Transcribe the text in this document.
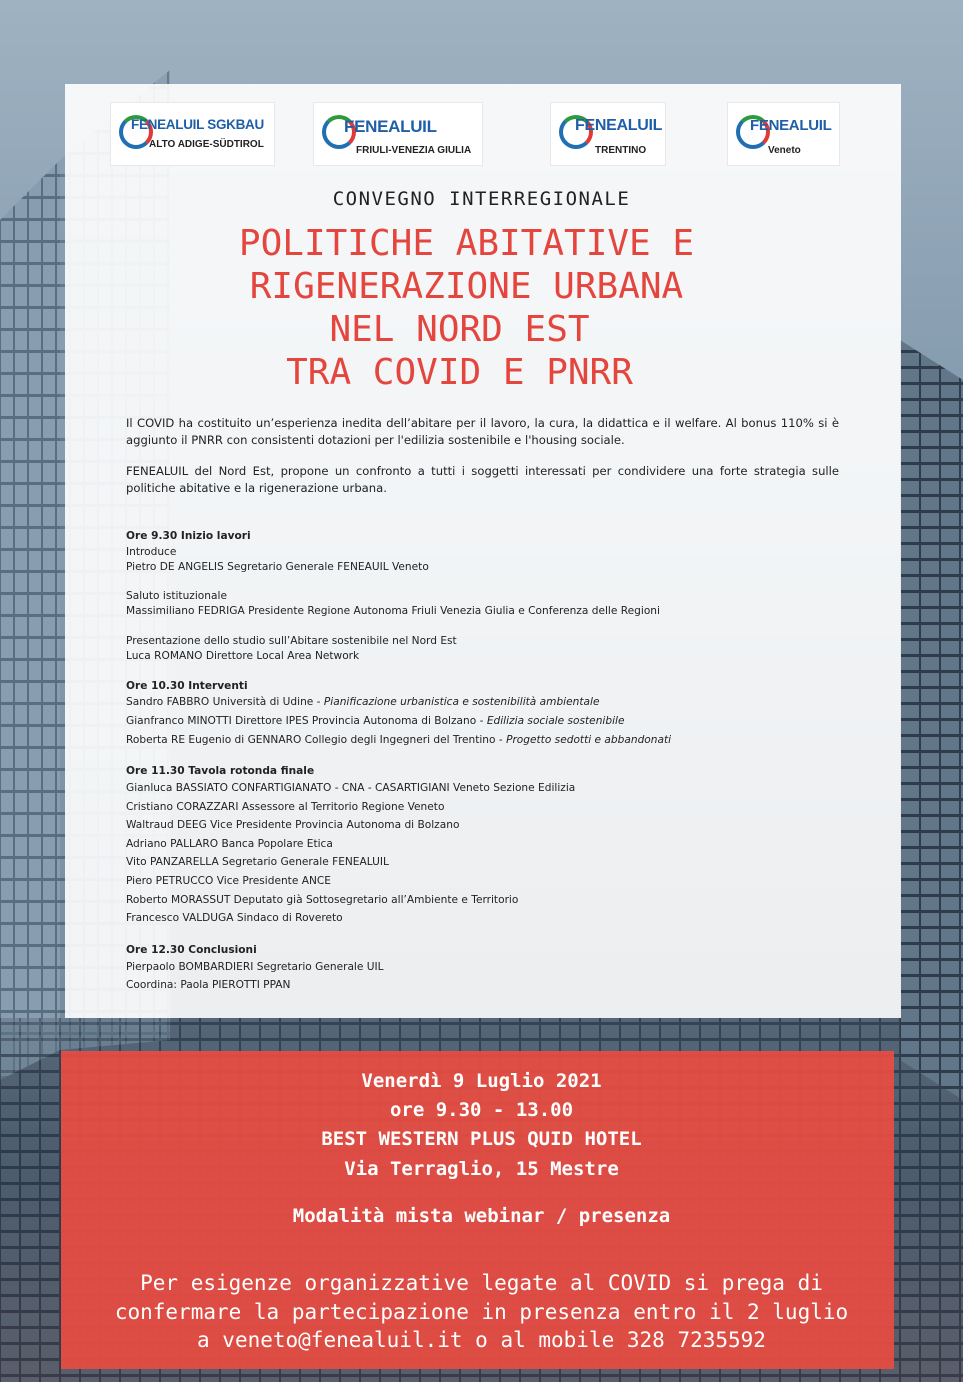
FENEALUIL SGKBAU
ALTO ADIGE-SÜDTIROL
FENEALUIL
FRIULI-VENEZIA GIULIA
FENEALUIL
TRENTINO
FENEALUIL
Veneto
CONVEGNO INTERREGIONALE
POLITICHE ABITATIVE E
RIGENERAZIONE URBANA
NEL NORD EST
TRA COVID E PNRR
Il COVID ha costituito un’esperienza inedita dell’abitare per il lavoro, la cura, la didattica e il welfare. Al bonus 110% si è aggiunto il PNRR con consistenti dotazioni per l'edilizia sostenibile e l'housing sociale.
FENEALUIL del Nord Est, propone un confronto a tutti i soggetti interessati per condividere una forte strategia sulle politiche abitative e la rigenerazione urbana.
Ore 9.30 Inizio lavori
Introduce
Pietro DE ANGELIS Segretario Generale FENEAUIL Veneto
Saluto istituzionale
Massimiliano FEDRIGA Presidente Regione Autonoma Friuli Venezia Giulia e Conferenza delle Regioni
Presentazione dello studio sull’Abitare sostenibile nel Nord Est
Luca ROMANO Direttore Local Area Network
Ore 10.30 Interventi
Sandro FABBRO Università di Udine - Pianificazione urbanistica e sostenibilità ambientale
Gianfranco MINOTTI Direttore IPES Provincia Autonoma di Bolzano - Edilizia sociale sostenibile
Roberta RE Eugenio di GENNARO Collegio degli Ingegneri del Trentino - Progetto sedotti e abbandonati
Ore 11.30 Tavola rotonda finale
Gianluca BASSIATO CONFARTIGIANATO - CNA - CASARTIGIANI Veneto Sezione Edilizia
Cristiano CORAZZARI Assessore al Territorio Regione Veneto
Waltraud DEEG Vice Presidente Provincia Autonoma di Bolzano
Adriano PALLARO Banca Popolare Etica
Vito PANZARELLA Segretario Generale FENEALUIL
Piero PETRUCCO Vice Presidente ANCE
Roberto MORASSUT Deputato già Sottosegretario all’Ambiente e Territorio
Francesco VALDUGA Sindaco di Rovereto
Ore 12.30 Conclusioni
Pierpaolo BOMBARDIERI Segretario Generale UIL
Coordina: Paola PIEROTTI PPAN
Venerdì 9 Luglio 2021
ore 9.30 - 13.00
BEST WESTERN PLUS QUID HOTEL
Via Terraglio, 15 Mestre
Modalità mista webinar / presenza
Per esigenze organizzative legate al COVID si prega di
confermare la partecipazione in presenza entro il 2 luglio
a veneto@fenealuil.it o al mobile 328 7235592
